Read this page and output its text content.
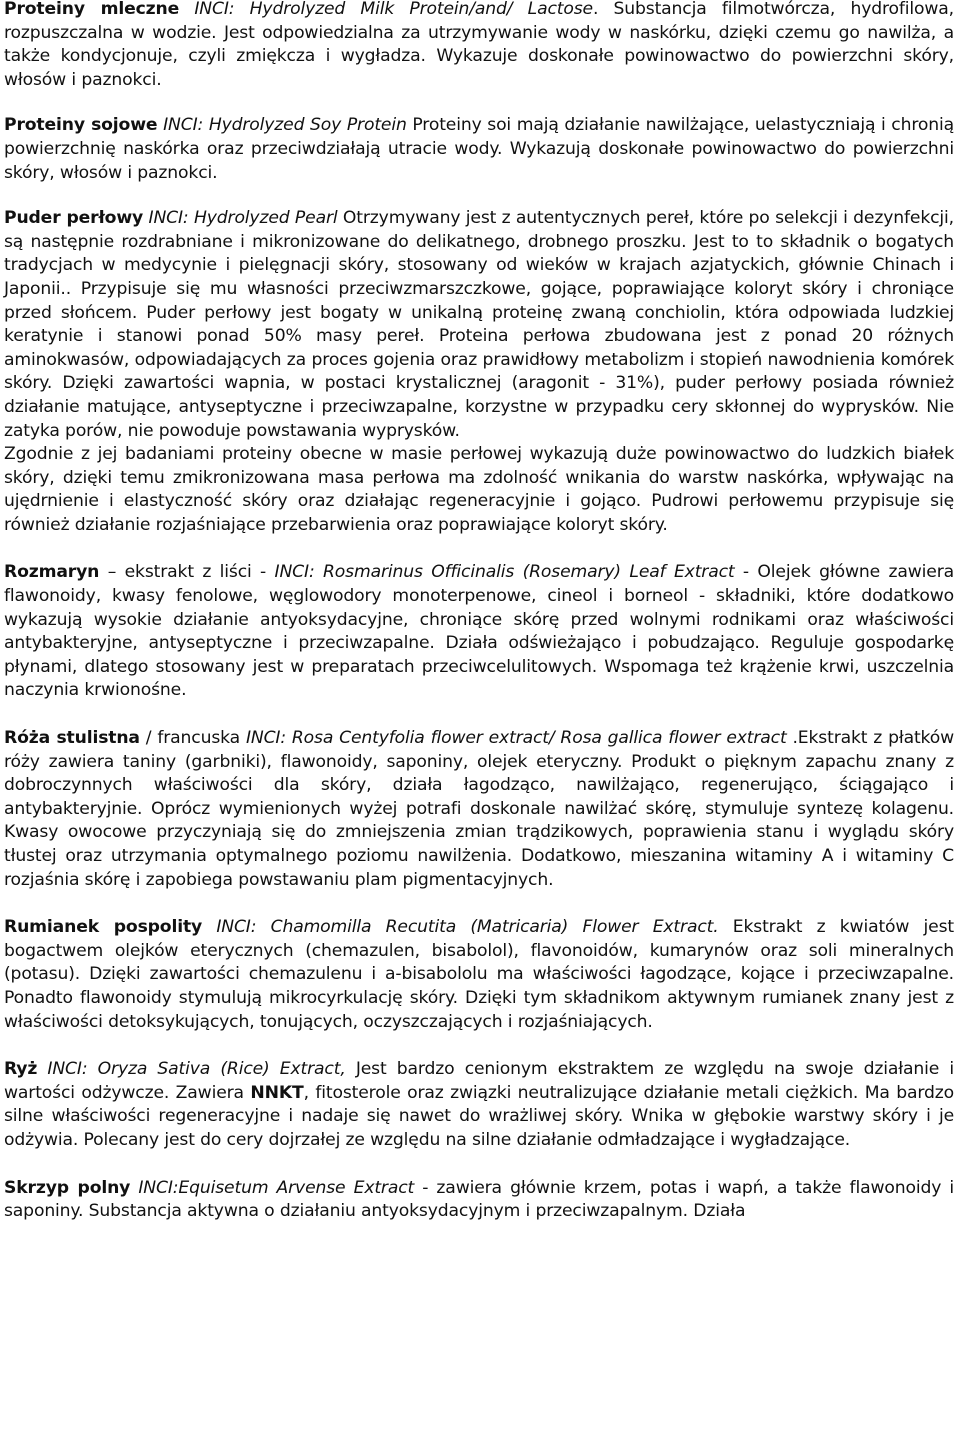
Proteiny mleczne INCI: Hydrolyzed Milk Protein/and/ Lactose. Substancja filmotwórcza, hydrofilowa, rozpuszczalna w wodzie. Jest odpowiedzialna za utrzymywanie wody w naskórku, dzięki czemu go nawilża, a także kondycjonuje, czyli zmiękcza i wygładza. Wykazuje doskonałe powinowactwo do powierzchni skóry, włosów i paznokci.

Proteiny sojowe INCI: Hydrolyzed Soy Protein Proteiny soi mają działanie nawilżające, uelastyczniają i chronią powierzchnię naskórka oraz przeciwdziałają utracie wody. Wykazują doskonałe powinowactwo do powierzchni skóry, włosów i paznokci.

Puder perłowy INCI: Hydrolyzed Pearl Otrzymywany jest z autentycznych pereł, które po selekcji i dezynfekcji, są następnie rozdrabniane i mikronizowane do delikatnego, drobnego proszku. Jest to to składnik o bogatych tradycjach w medycynie i pielęgnacji skóry, stosowany od wieków w krajach azjatyckich, głównie Chinach i Japonii.. Przypisuje się mu własności przeciwzmarszczkowe, gojące, poprawiające koloryt skóry i chroniące przed słońcem. Puder perłowy jest bogaty w unikalną proteinę zwaną conchiolin, która odpowiada ludzkiej keratynie i stanowi ponad 50% masy pereł. Proteina perłowa zbudowana jest z ponad 20 różnych aminokwasów, odpowiadających za proces gojenia oraz prawidłowy metabolizm i stopień nawodnienia komórek skóry. Dzięki zawartości wapnia, w postaci krystalicznej (aragonit - 31%), puder perłowy posiada również działanie matujące, antyseptyczne i przeciwzapalne, korzystne w przypadku cery skłonnej do wyprysków. Nie zatyka porów, nie powoduje powstawania wyprysków.

Zgodnie z jej badaniami proteiny obecne w masie perłowej wykazują duże powinowactwo do ludzkich białek skóry, dzięki temu zmikronizowana masa perłowa ma zdolność wnikania do warstw naskórka, wpływając na ujędrnienie i elastyczność skóry oraz działając regeneracyjnie i gojąco. Pudrowi perłowemu przypisuje się również działanie rozjaśniające przebarwienia oraz poprawiające koloryt skóry.

Rozmaryn – ekstrakt z liści - INCI: Rosmarinus Officinalis (Rosemary) Leaf Extract - Olejek główne zawiera flawonoidy, kwasy fenolowe, węglowodory monoterpenowe, cineol i borneol - składniki, które dodatkowo wykazują wysokie działanie antyoksydacyjne, chroniące skórę przed wolnymi rodnikami oraz właściwości antybakteryjne, antyseptyczne i przeciwzapalne. Działa odświeżająco i pobudzająco. Reguluje gospodarkę płynami, dlatego stosowany jest w preparatach przeciwcelulitowych. Wspomaga też krążenie krwi, uszczelnia naczynia krwionośne.

Róża stulistna / francuska INCI: Rosa Centyfolia flower extract/ Rosa gallica flower extract .Ekstrakt z płatków róży zawiera taniny (garbniki), flawonoidy, saponiny, olejek eteryczny. Produkt o pięknym zapachu znany z dobroczynnych właściwości dla skóry, działa łagodząco, nawilżająco, regenerująco, ściągająco i antybakteryjnie. Oprócz wymienionych wyżej potrafi doskonale nawilżać skórę, stymuluje syntezę kolagenu. Kwasy owocowe przyczyniają się do zmniejszenia zmian trądzikowych, poprawienia stanu i wyglądu skóry tłustej oraz utrzymania optymalnego poziomu nawilżenia. Dodatkowo, mieszanina witaminy A i witaminy C rozjaśnia skórę i zapobiega powstawaniu plam pigmentacyjnych.

Rumianek pospolity INCI: Chamomilla Recutita (Matricaria) Flower Extract. Ekstrakt z kwiatów jest bogactwem olejków eterycznych (chemazulen, bisabolol), flavonoidów, kumarynów oraz soli mineralnych (potasu). Dzięki zawartości chemazulenu i a-bisabololu ma właściwości łagodzące, kojące i przeciwzapalne. Ponadto flawonoidy stymulują mikrocyrkulację skóry. Dzięki tym składnikom aktywnym rumianek znany jest z właściwości detoksykujących, tonujących, oczyszczających i rozjaśniających.

Ryż INCI: Oryza Sativa (Rice) Extract, Jest bardzo cenionym ekstraktem ze względu na swoje działanie i wartości odżywcze. Zawiera NNKT, fitosterole oraz związki neutralizujące działanie metali ciężkich. Ma bardzo silne właściwości regeneracyjne i nadaje się nawet do wrażliwej skóry. Wnika w głębokie warstwy skóry i je odżywia. Polecany jest do cery dojrzałej ze względu na silne działanie odmładzające i wygładzające.

Skrzyp polny INCI:Equisetum Arvense Extract - zawiera głównie krzem, potas i wapń, a także flawonoidy i saponiny. Substancja aktywna o działaniu antyoksydacyjnym i przeciwzapalnym. Działa
